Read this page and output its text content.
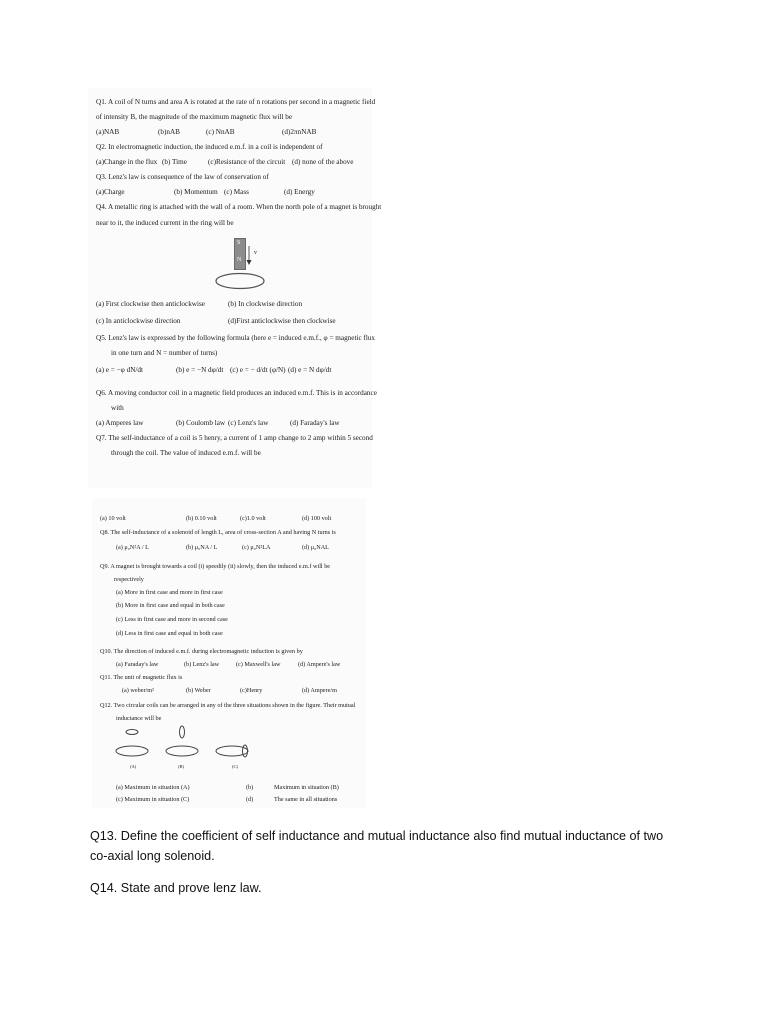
Q1. A coil of N turns and area A is rotated at the rate of n rotations per second in a magnetic field
of intensity B, the magnitude of the maximum magnetic flux will be
(a)NAB	(b)nAB	(c) NnAB	(d)2πnNAB
Q2. In electromagnetic induction, the induced e.m.f. in a coil is independent of
(a)Change in the flux (b) Time	(c)Resistance of the circuit (d) none of the above
Q3. Lenz's law is consequence of the law of conservation of
(a)Charge	(b) Momentum (c) Mass	(d) Energy
Q4. A metallic ring is attached with the wall of a room. When the north pole of a magnet is brought
near to it, the induced current in the ring will be
S
N
v
(a) First clockwise then anticlockwise	(b) In clockwise direction
(c) In anticlockwise direction	(d)First anticlockwise then clockwise
Q5. Lenz's law is expressed by the following formula (here e = induced e.m.f., φ = magnetic flux
in one turn and N = number of turns)
(a) e = −φ dN/dt	(b) e = −N dφ/dt (c) e = − d/dt (φ/N) (d) e = N dφ/dt
Q6. A moving conductor coil in a magnetic field produces an induced e.m.f. This is in accordance
with
(a) Amperes law	(b) Coulomb law (c) Lenz's law	(d) Faraday's law
Q7. The self-inductance of a coil is 5 henry, a current of 1 amp change to 2 amp within 5 second
through the coil. The value of induced e.m.f. will be
(a) 10 volt	(b) 0.10 volt	(c)1.0 volt	(d) 100 volt
Q8. The self-inductance of a solenoid of length L, area of cross-section A and having N turns is
(a) μ₀N²A / L	(b) μ₀NA / L	(c) μ₀N²LA	(d) μ₀NAL
Q9. A magnet is brought towards a coil (i) speedily (ii) slowly, then the induced e.m.f will be
respectively
(a) More in first case and more in first case
(b) More in first case and equal in both case
(c) Less in first case and more in second case
(d) Less in first case and equal in both case
Q10. The direction of induced e.m.f. during electromagnetic induction is given by
(a) Faraday's law	(b) Lenz's law	(c) Maxwell's law	(d) Ampere's law
Q11. The unit of magnetic flux is
(a) weber/m²	(b) Weber	(c)Henry	(d) Ampere/m
Q12. Two circular coils can be arranged in any of the three situations shown in the figure. Their mutual
inductance will be
(A)	(B)	(C)
(a) Maximum in situation (A)	(b)	Maximum in situation (B)
(c) Maximum in situation (C)	(d)	The same in all situations
Q13. Define the coefficient of self inductance and mutual inductance also find mutual inductance of two
co-axial long solenoid.
Q14. State and prove lenz law.
